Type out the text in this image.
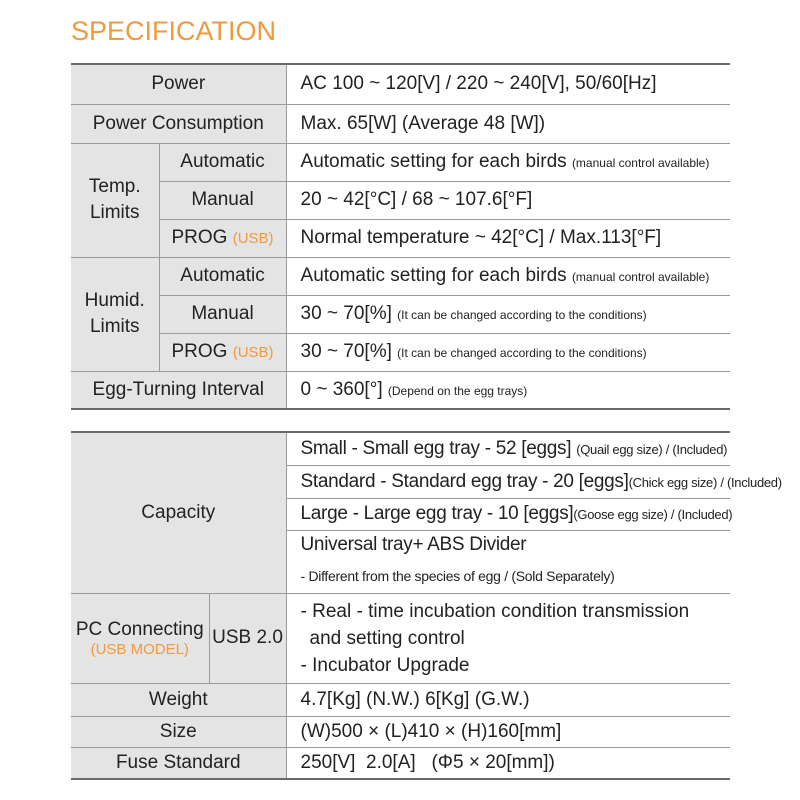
SPECIFICATION
Power		AC 100 ~ 120[V] / 220 ~ 240[V], 50/60[Hz]
Power Consumption		Max. 65[W] (Average 48 [W])
Temp.
Limits	Automatic	Automatic setting for each birds (manual control available)
	Manual	20 ~ 42[°C] / 68 ~ 107.6[°F]
	PROG (USB)	Normal temperature ~ 42[°C] / Max.113[°F]
Humid.
Limits	Automatic	Automatic setting for each birds (manual control available)
	Manual	30 ~ 70[%] (It can be changed according to the conditions)
	PROG (USB)	30 ~ 70[%] (It can be changed according to the conditions)
Egg-Turning Interval		0 ~ 360[°] (Depend on the egg trays)
Capacity		Small - Small egg tray - 52 [eggs] (Quail egg size) / (Included)
		Standard - Standard egg tray - 20 [eggs](Chick egg size) / (Included)
		Large - Large egg tray - 10 [eggs](Goose egg size) / (Included)
		Universal tray+ ABS Divider
		- Different from the species of egg / (Sold Separately)
PC Connecting
(USB MODEL)	USB 2.0	- Real - time incubation condition transmission
and setting control
- Incubator Upgrade
Weight		4.7[Kg] (N.W.) 6[Kg] (G.W.)
Size		(W)500 × (L)410 × (H)160[mm]
Fuse Standard		250[V]  2.0[A]   (Φ5 × 20[mm])
